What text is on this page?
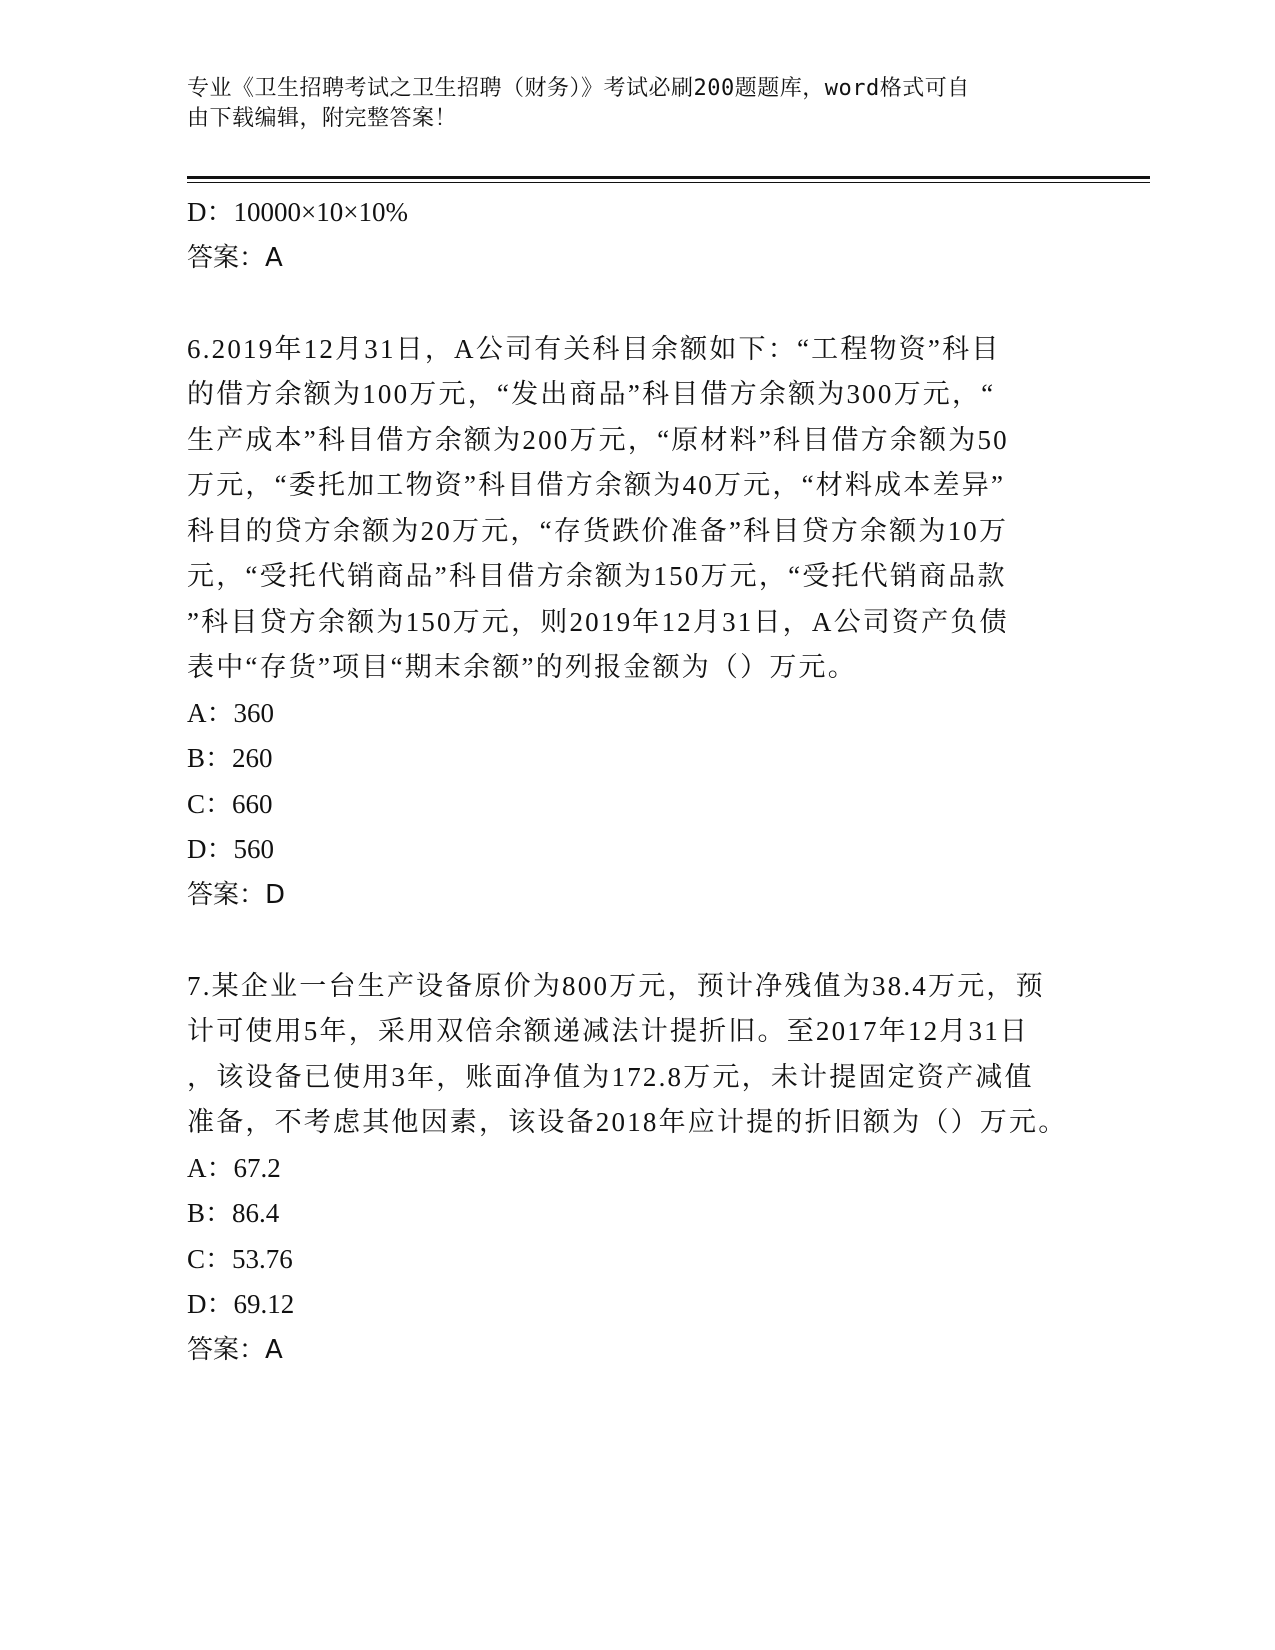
专业《卫生招聘考试之卫生招聘（财务）》考试必刷200题题库，word格式可自
由下载编辑，附完整答案！
D：10000×10×10%
答案：A
6.2019年12月31日，A公司有关科目余额如下：“工程物资”科目
的借方余额为100万元，“发出商品”科目借方余额为300万元，“
生产成本”科目借方余额为200万元，“原材料”科目借方余额为50
万元，“委托加工物资”科目借方余额为40万元，“材料成本差异”
科目的贷方余额为20万元，“存货跌价准备”科目贷方余额为10万
元，“受托代销商品”科目借方余额为150万元，“受托代销商品款
”科目贷方余额为150万元，则2019年12月31日，A公司资产负债
表中“存货”项目“期末余额”的列报金额为（）万元。
A：360
B：260
C：660
D：560
答案：D
7.某企业一台生产设备原价为800万元，预计净残值为38.4万元，预
计可使用5年，采用双倍余额递减法计提折旧。至2017年12月31日
，该设备已使用3年，账面净值为172.8万元，未计提固定资产减值
准备，不考虑其他因素，该设备2018年应计提的折旧额为（）万元。
A：67.2
B：86.4
C：53.76
D：69.12
答案：A
